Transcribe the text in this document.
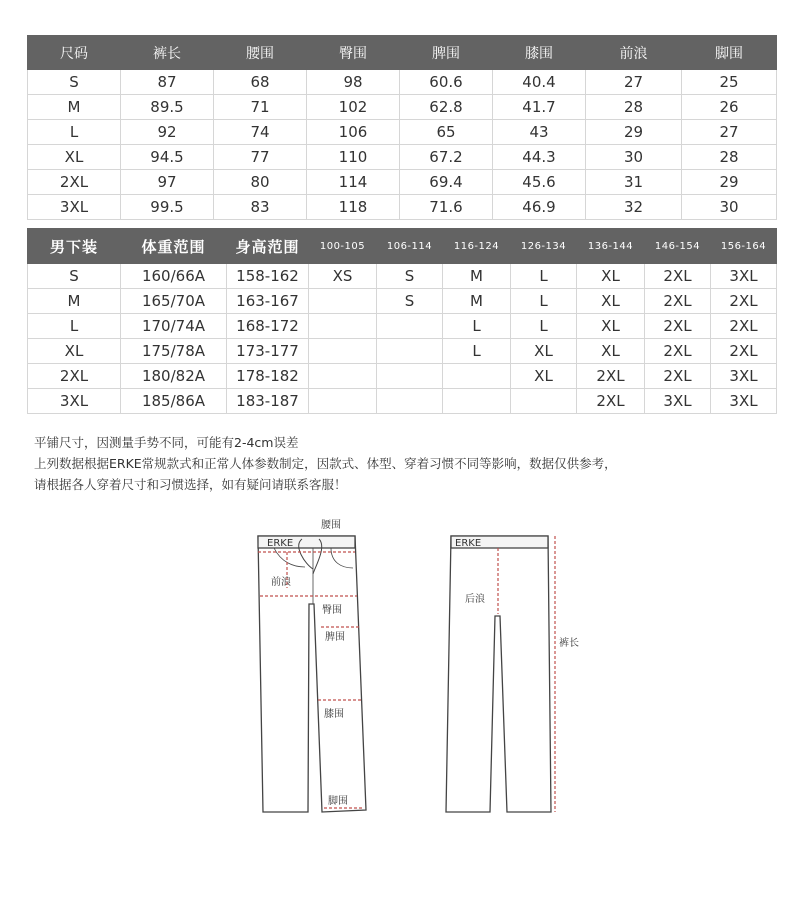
尺码	裤长	腰围	臀围	脾围	膝围	前浪	脚围
S	87	68	98	60.6	40.4	27	25
M	89.5	71	102	62.8	41.7	28	26
L	92	74	106	65	43	29	27
XL	94.5	77	110	67.2	44.3	30	28
2XL	97	80	114	69.4	45.6	31	29
3XL	99.5	83	118	71.6	46.9	32	30
男下装	体重范围	身高范围	100-105	106-114	116-124	126-134	136-144	146-154	156-164
S	160/66A	158-162	XS	S	M	L	XL	2XL	3XL
M	165/70A	163-167		S	M	L	XL	2XL	2XL
L	170/74A	168-172			L	L	XL	2XL	2XL
XL	175/78A	173-177			L	XL	XL	2XL	2XL
2XL	180/82A	178-182				XL	2XL	2XL	3XL
3XL	185/86A	183-187					2XL	3XL	3XL
平铺尺寸，因测量手势不同，可能有2-4cm误差
上列数据根据ERKE常规款式和正常人体参数制定，因款式、体型、穿着习惯不同等影响，数据仅供参考，
请根据各人穿着尺寸和习惯选择，如有疑问请联系客服！
ERKE
腰围
前浪
臀围
脾围
膝围
脚围
ERKE
后浪
裤长
